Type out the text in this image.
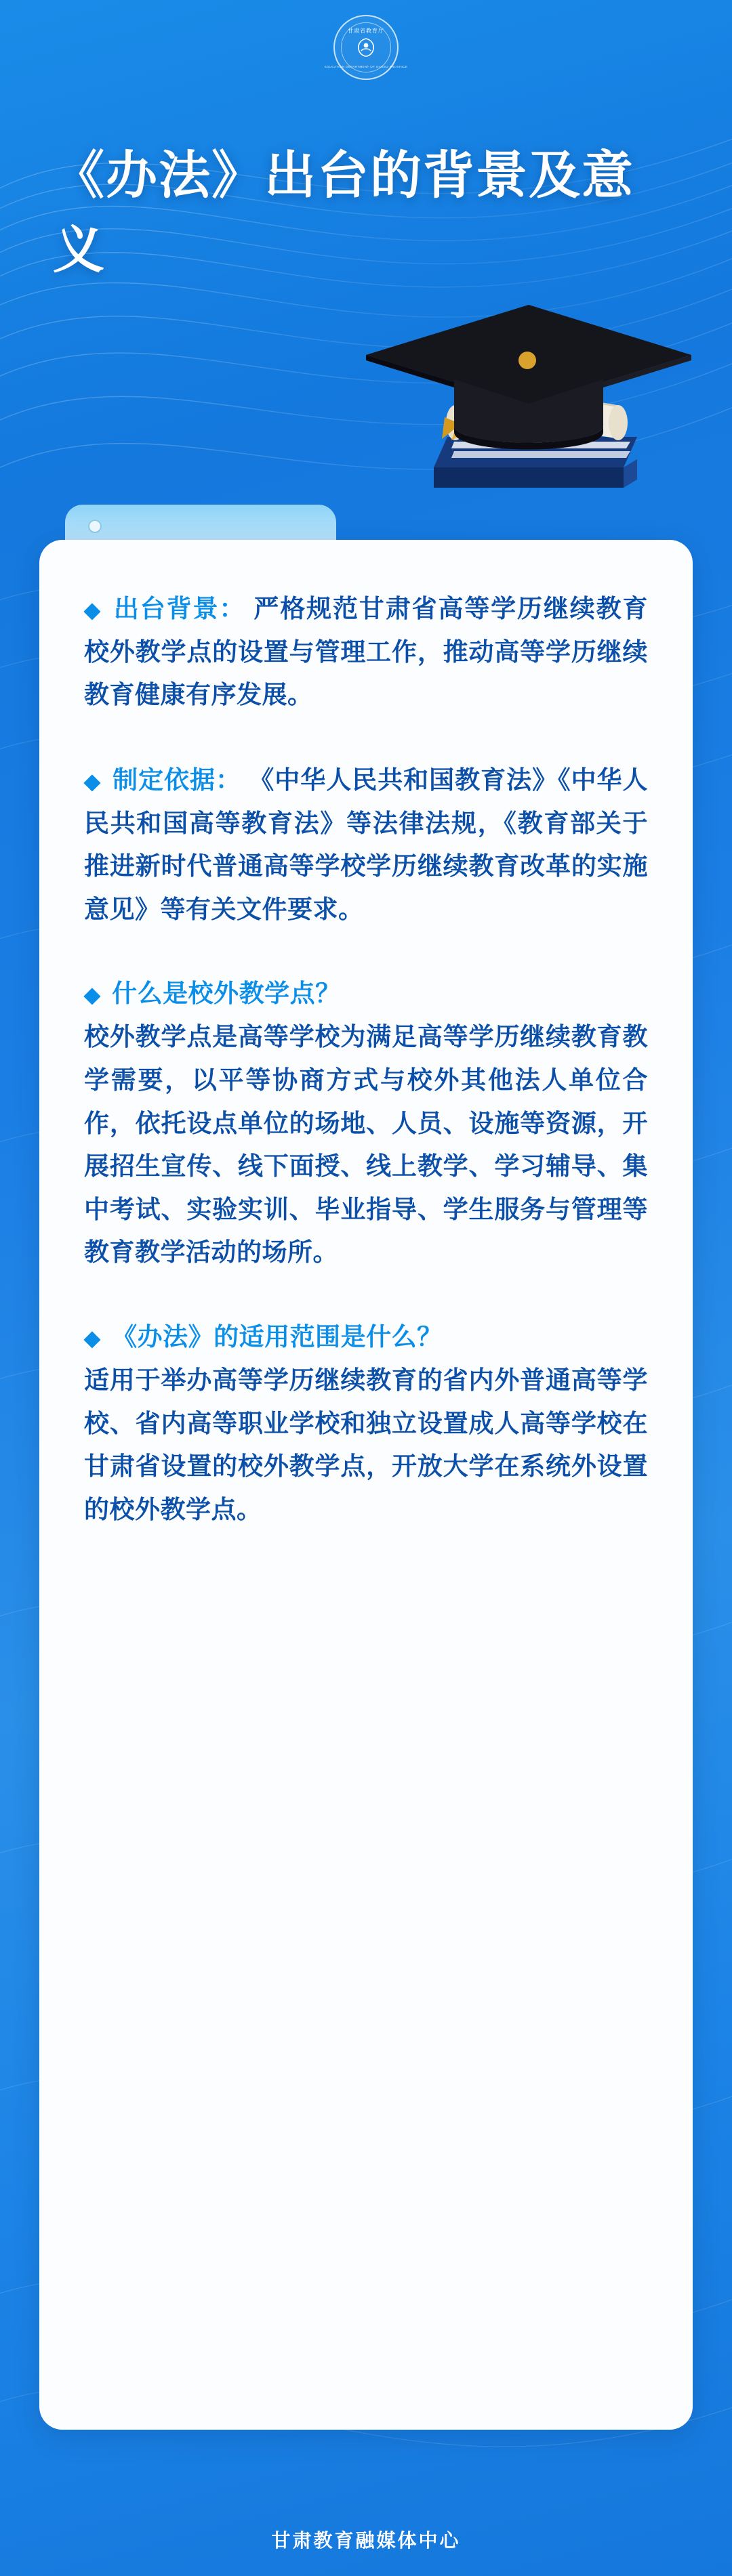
甘肃省教育厅
EDUCATION DEPARTMENT OF GANSU PROVINCE
《办法》出台的背景及意义

◆ 出台背景： 严格规范甘肃省高等学历继续教育校外教学点的设置与管理工作，推动高等学历继续教育健康有序发展。

◆ 制定依据： 《中华人民共和国教育法》《中华人民共和国高等教育法》等法律法规，《教育部关于推进新时代普通高等学校学历继续教育改革的实施意见》等有关文件要求。

◆ 什么是校外教学点？

校外教学点是高等学校为满足高等学历继续教育教学需要，以平等协商方式与校外其他法人单位合作，依托设点单位的场地、人员、设施等资源，开展招生宣传、线下面授、线上教学、学习辅导、集中考试、实验实训、毕业指导、学生服务与管理等教育教学活动的场所。

◆ 《办法》的适用范围是什么？

适用于举办高等学历继续教育的省内外普通高等学校、省内高等职业学校和独立设置成人高等学校在甘肃省设置的校外教学点，开放大学在系统外设置的校外教学点。

甘肃教育融媒体中心
